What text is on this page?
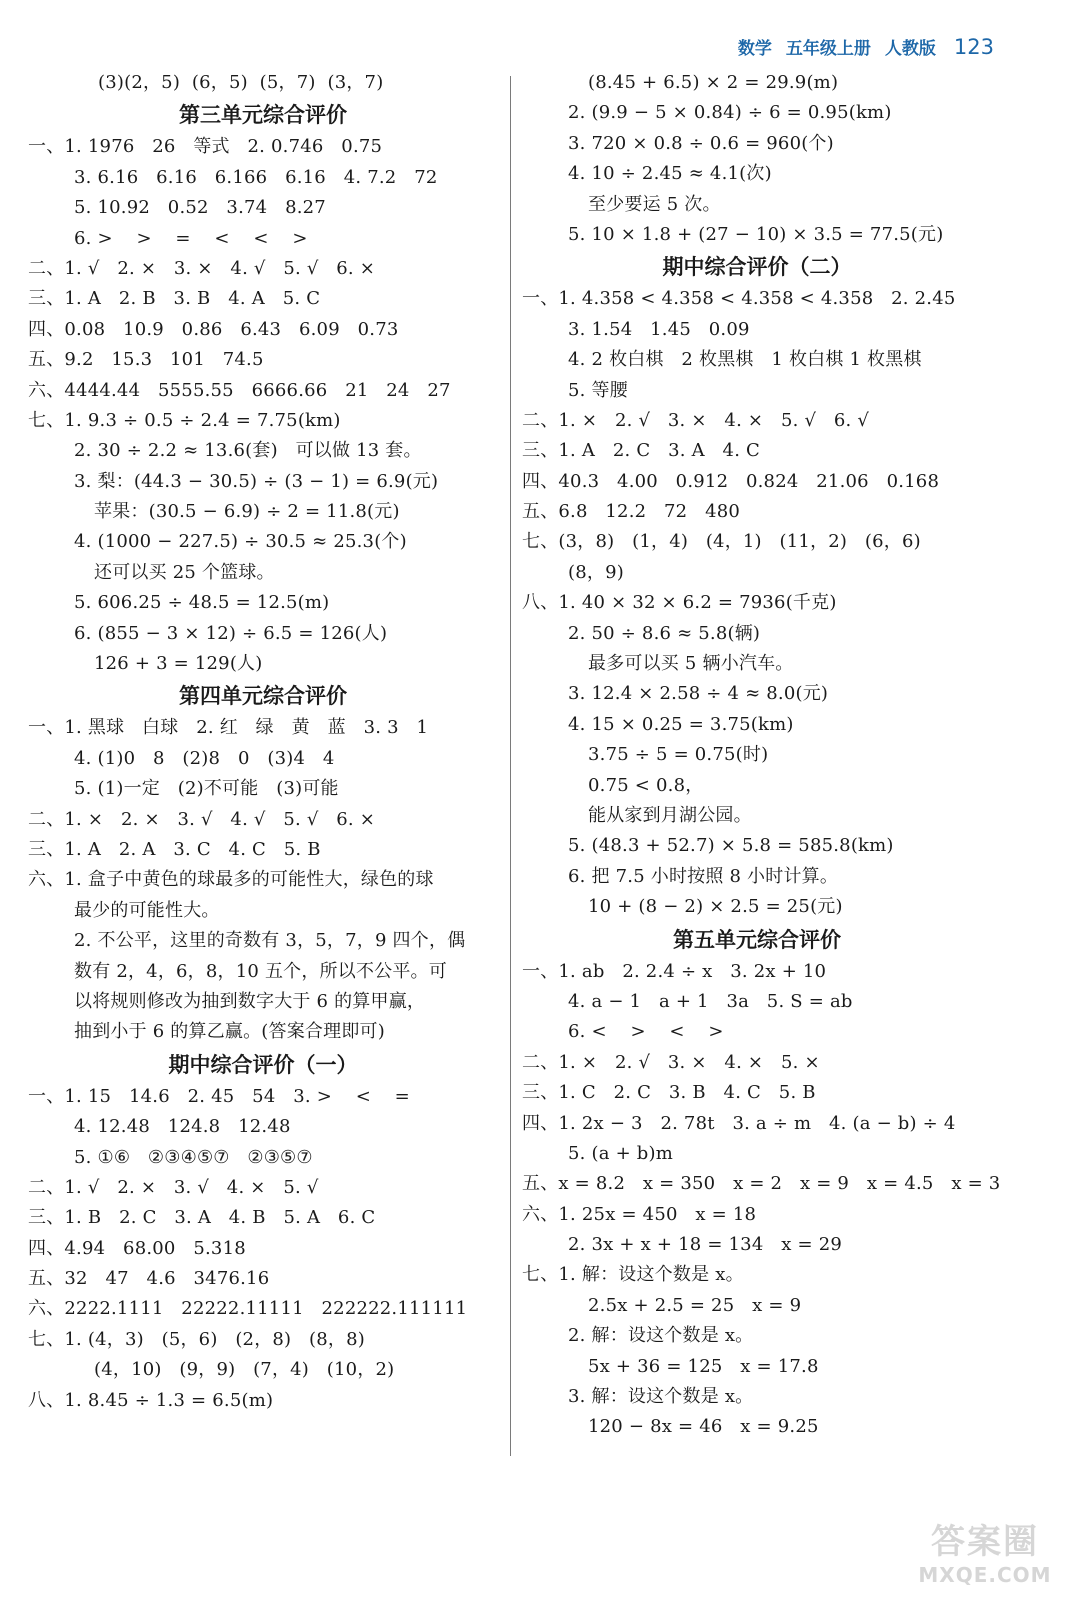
数学 五年级上册 人教版 123
(3)(2，5)  (6，5)  (5，7)  (3，7)
第三单元综合评价
一、1. 1976   26   等式   2. 0.746   0.75
3. 6.16   6.16   6.166   6.16   4. 7.2   72
5. 10.92   0.52   3.74   8.27
6. >    >    =    <    <    >
二、1. √   2. ×   3. ×   4. √   5. √   6. ×
三、1. A   2. B   3. B   4. A   5. C
四、0.08   10.9   0.86   6.43   6.09   0.73
五、9.2   15.3   101   74.5
六、4444.44   5555.55   6666.66   21   24   27
七、1. 9.3 ÷ 0.5 ÷ 2.4 = 7.75(km)
2. 30 ÷ 2.2 ≈ 13.6(套)   可以做 13 套。
3. 梨：(44.3 − 30.5) ÷ (3 − 1) = 6.9(元)
苹果：(30.5 − 6.9) ÷ 2 = 11.8(元)
4. (1000 − 227.5) ÷ 30.5 ≈ 25.3(个)
还可以买 25 个篮球。
5. 606.25 ÷ 48.5 = 12.5(m)
6. (855 − 3 × 12) ÷ 6.5 = 126(人)
126 + 3 = 129(人)
第四单元综合评价
一、1. 黑球   白球   2. 红   绿   黄   蓝   3. 3   1
4. (1)0   8   (2)8   0   (3)4   4
5. (1)一定   (2)不可能   (3)可能
二、1. ×   2. ×   3. √   4. √   5. √   6. ×
三、1. A   2. A   3. C   4. C   5. B
六、1. 盒子中黄色的球最多的可能性大，绿色的球
最少的可能性大。
2. 不公平，这里的奇数有 3，5，7，9 四个，偶
数有 2，4，6，8，10 五个，所以不公平。可
以将规则修改为抽到数字大于 6 的算甲赢，
抽到小于 6 的算乙赢。(答案合理即可)
期中综合评价（一）
一、1. 15   14.6   2. 45   54   3. >    <    =
4. 12.48   124.8   12.48
5. ①⑥   ②③④⑤⑦   ②③⑤⑦
二、1. √   2. ×   3. √   4. ×   5. √
三、1. B   2. C   3. A   4. B   5. A   6. C
四、4.94   68.00   5.318
五、32   47   4.6   3476.16
六、2222.1111   22222.11111   222222.111111
七、1. (4，3)   (5，6)   (2，8)   (8，8)
(4，10)   (9，9)   (7，4)   (10，2)
八、1. 8.45 ÷ 1.3 = 6.5(m)
(8.45 + 6.5) × 2 = 29.9(m)
2. (9.9 − 5 × 0.84) ÷ 6 = 0.95(km)
3. 720 × 0.8 ÷ 0.6 = 960(个)
4. 10 ÷ 2.45 ≈ 4.1(次)
至少要运 5 次。
5. 10 × 1.8 + (27 − 10) × 3.5 = 77.5(元)
期中综合评价（二）
一、1. 4.358 < 4.358 < 4.358 < 4.358   2. 2.45
3. 1.54   1.45   0.09
4. 2 枚白棋   2 枚黑棋   1 枚白棋 1 枚黑棋
5. 等腰
二、1. ×   2. √   3. ×   4. ×   5. √   6. √
三、1. A   2. C   3. A   4. C
四、40.3   4.00   0.912   0.824   21.06   0.168
五、6.8   12.2   72   480
七、(3，8)   (1，4)   (4，1)   (11，2)   (6，6)
(8，9)
八、1. 40 × 32 × 6.2 = 7936(千克)
2. 50 ÷ 8.6 ≈ 5.8(辆)
最多可以买 5 辆小汽车。
3. 12.4 × 2.58 ÷ 4 ≈ 8.0(元)
4. 15 × 0.25 = 3.75(km)
3.75 ÷ 5 = 0.75(时)
0.75 < 0.8，
能从家到月湖公园。
5. (48.3 + 52.7) × 5.8 = 585.8(km)
6. 把 7.5 小时按照 8 小时计算。
10 + (8 − 2) × 2.5 = 25(元)
第五单元综合评价
一、1. ab   2. 2.4 ÷ x   3. 2x + 10
4. a − 1   a + 1   3a   5. S = ab
6. <    >    <    >
二、1. ×   2. √   3. ×   4. ×   5. ×
三、1. C   2. C   3. B   4. C   5. B
四、1. 2x − 3   2. 78t   3. a ÷ m   4. (a − b) ÷ 4
5. (a + b)m
五、x = 8.2   x = 350   x = 2   x = 9   x = 4.5   x = 3
六、1. 25x = 450   x = 18
2. 3x + x + 18 = 134   x = 29
七、1. 解：设这个数是 x。
2.5x + 2.5 = 25   x = 9
2. 解：设这个数是 x。
5x + 36 = 125   x = 17.8
3. 解：设这个数是 x。
120 − 8x = 46   x = 9.25
答案圈
MXQE.COM
